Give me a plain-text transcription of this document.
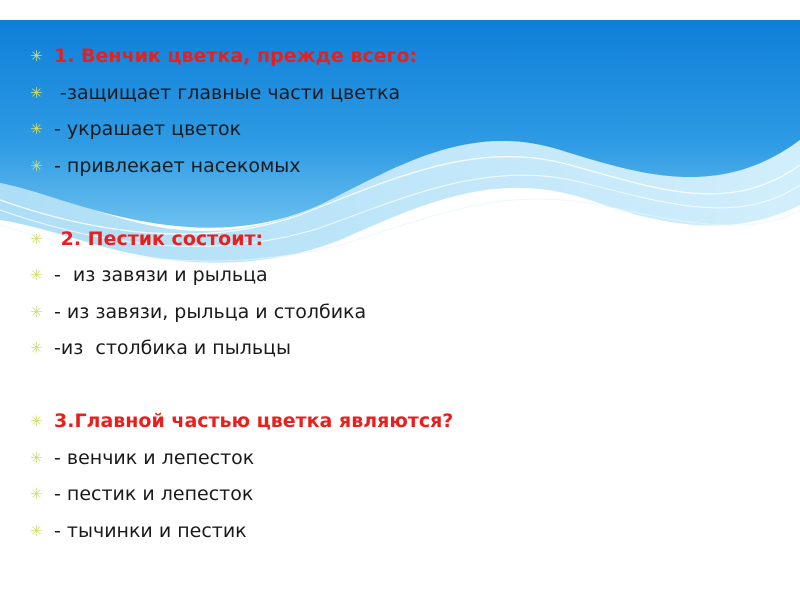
✳ 1. Венчик цветка, прежде всего:
✳ -защищает главные части цветка
✳ - украшает цветок
✳ - привлекает насекомых
✳ 2. Пестик состоит:
✳ -  из завязи и рыльца
✳ - из завязи, рыльца и столбика
✳ -из  столбика и пыльцы
✳ 3.Главной частью цветка являются?
✳ - венчик и лепесток
✳ - пестик и лепесток
✳ - тычинки и пестик
